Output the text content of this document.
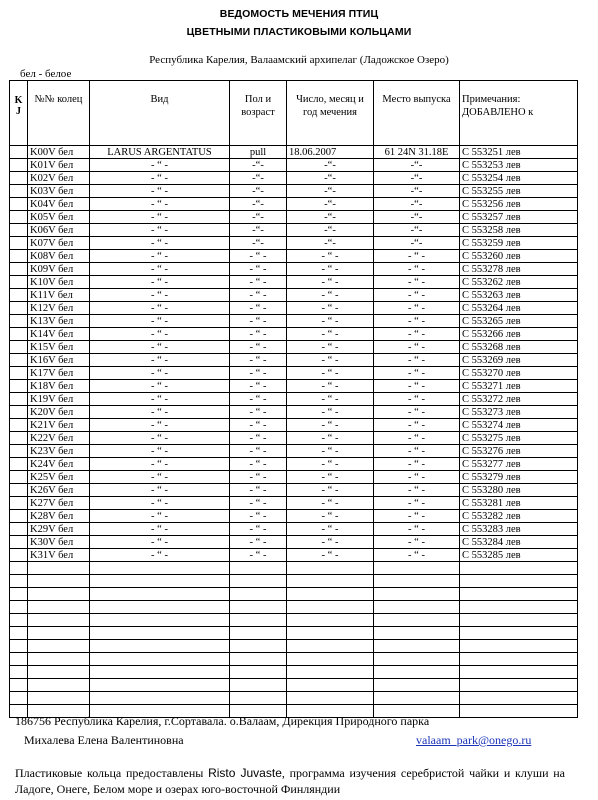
ВЕДОМОСТЬ МЕЧЕНИЯ ПТИЦ
ЦВЕТНЫМИ ПЛАСТИКОВЫМИ КОЛЬЦАМИ
Республика Карелия, Валаамский архипелаг (Ладожское Озеро)
бел - белое
K
J	№№ колец	Вид	Пол и возраст	Число, месяц и год мечения	Место выпуска	Примечания: ДОБАВЛЕНО к
	K00V бел	LARUS ARGENTATUS	pull	18.06.2007	61 24N 31.18E	C 553251 лев
	K01V бел	- “ -	-“-	-“-	-“-	C 553253 лев
	K02V бел	- “ -	-“-	-“-	-“-	C 553254 лев
	K03V бел	- “ -	-“-	-“-	-“-	C 553255 лев
	K04V бел	- “ -	-“-	-“-	-“-	C 553256 лев
	K05V бел	- “ -	-“-	-“-	-“-	C 553257 лев
	K06V бел	- “ -	-“-	-“-	-“-	C 553258 лев
	K07V бел	- “ -	-“-	-“-	-“-	C 553259 лев
	K08V бел	- “ -	- “ -	- “ -	- “ -	C 553260 лев
	K09V бел	- “ -	- “ -	- “ -	- “ -	C 553278 лев
	K10V бел	- “ -	- “ -	- “ -	- “ -	C 553262 лев
	K11V бел	- “ -	- “ -	- “ -	- “ -	C 553263 лев
	K12V бел	- “ -	- “ -	- “ -	- “ -	C 553264 лев
	K13V бел	- “ -	- “ -	- “ -	- “ -	C 553265 лев
	K14V бел	- “ -	- “ -	- “ -	- “ -	C 553266 лев
	K15V бел	- “ -	- “ -	- “ -	- “ -	C 553268 лев
	K16V бел	- “ -	- “ -	- “ -	- “ -	C 553269 лев
	K17V бел	- “ -	- “ -	- “ -	- “ -	C 553270 лев
	K18V бел	- “ -	- “ -	- “ -	- “ -	C 553271 лев
	K19V бел	- “ -	- “ -	- “ -	- “ -	C 553272 лев
	K20V бел	- “ -	- “ -	- “ -	- “ -	C 553273 лев
	K21V бел	- “ -	- “ -	- “ -	- “ -	C 553274 лев
	K22V бел	- “ -	- “ -	- “ -	- “ -	C 553275 лев
	K23V бел	- “ -	- “ -	- “ -	- “ -	C 553276 лев
	K24V бел	- “ -	- “ -	- “ -	- “ -	C 553277 лев
	K25V бел	- “ -	- “ -	- “ -	- “ -	C 553279 лев
	K26V бел	- “ -	- “ -	- “ -	- “ -	C 553280 лев
	K27V бел	- “ -	- “ -	- “ -	- “ -	C 553281 лев
	K28V бел	- “ -	- “ -	- “ -	- “ -	C 553282 лев
	K29V бел	- “ -	- “ -	- “ -	- “ -	C 553283 лев
	K30V бел	- “ -	- “ -	- “ -	- “ -	C 553284 лев
	K31V бел	- “ -	- “ -	- “ -	- “ -	C 553285 лев

186756 Республика Карелия, г.Сортавала. о.Валаам, Дирекция Природного парка
Михалева Елена Валентиновна	valaam_park@onego.ru
Пластиковые кольца предоставлены Risto Juvaste, программа изучения серебристой чайки и клуши на Ладоге, Онеге, Белом море и озерах юго-восточной Финляндии
